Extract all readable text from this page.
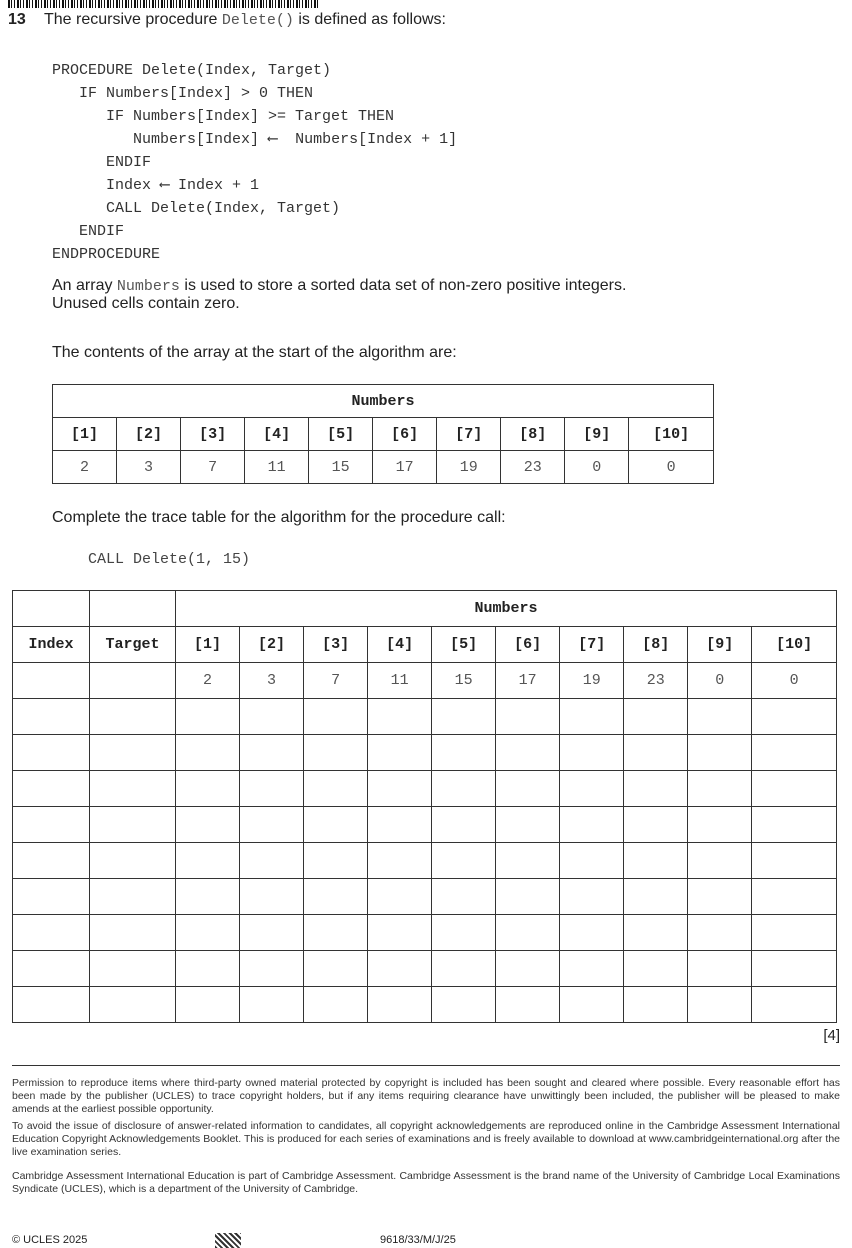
13 The recursive procedure Delete() is defined as follows:
PROCEDURE Delete(Index, Target)
IF Numbers[Index] > 0 THEN
IF Numbers[Index] >= Target THEN
Numbers[Index] ⟵  Numbers[Index + 1]
ENDIF
Index ⟵ Index + 1
CALL Delete(Index, Target)
ENDIF
ENDPROCEDURE
An array Numbers is used to store a sorted data set of non-zero positive integers.
Unused cells contain zero.
The contents of the array at the start of the algorithm are:
Numbers									
[1]	[2]	[3]	[4]	[5]	[6]	[7]	[8]	[9]	[10]
2	3	7	11	15	17	19	23	0	0
Complete the trace table for the algorithm for the procedure call:
CALL Delete(1, 15)
		Numbers									
Index	Target	[1]	[2]	[3]	[4]	[5]	[6]	[7]	[8]	[9]	[10]
		2	3	7	11	15	17	19	23	0	0

[4]
Permission to reproduce items where third-party owned material protected by copyright is included has been sought and cleared where possible. Every reasonable effort has been made by the publisher (UCLES) to trace copyright holders, but if any items requiring clearance have unwittingly been included, the publisher will be pleased to make amends at the earliest possible opportunity.
To avoid the issue of disclosure of answer-related information to candidates, all copyright acknowledgements are reproduced online in the Cambridge Assessment International Education Copyright Acknowledgements Booklet. This is produced for each series of examinations and is freely available to download at www.cambridgeinternational.org after the live examination series.
Cambridge Assessment International Education is part of Cambridge Assessment. Cambridge Assessment is the brand name of the University of Cambridge Local Examinations Syndicate (UCLES), which is a department of the University of Cambridge.
© UCLES 2025	9618/33/M/J/25
